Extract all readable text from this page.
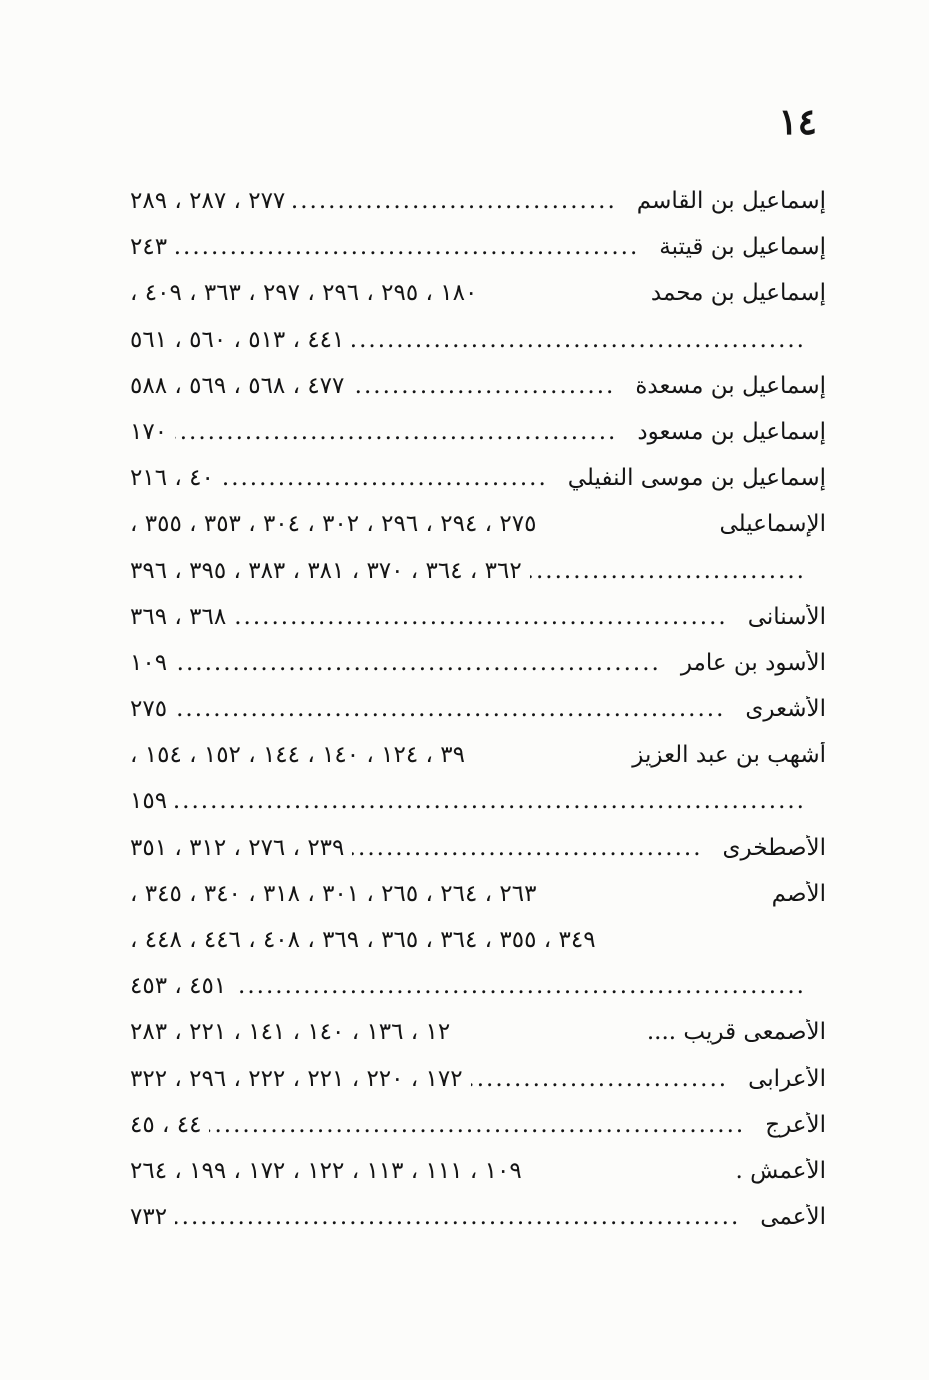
١٤
إسماعيل بن القاسم
.....
٢٧٧ ، ٢٨٧ ، ٢٨٩
إسماعيل بن قيتبة
.....
٢٤٣
إسماعيل بن محمد
١٨٠ ، ٢٩٥ ، ٢٩٦ ، ٢٩٧ ، ٣٦٣ ، ٤٠٩ ،
.....
٤٤١ ، ٥١٣ ، ٥٦٠ ، ٥٦١
إسماعيل بن مسعدة
.....
٤٧٧ ، ٥٦٨ ، ٥٦٩ ، ٥٨٨
إسماعيل بن مسعود
.....
١٧٠
إسماعيل بن موسى النفيلي
.....
٤٠ ، ٢١٦
الإسماعيلى
٢٧٥ ، ٢٩٤ ، ٢٩٦ ، ٣٠٢ ، ٣٠٤ ، ٣٥٣ ، ٣٥٥ ،
.....
٣٦٢ ، ٣٦٤ ، ٣٧٠ ، ٣٨١ ، ٣٨٣ ، ٣٩٥ ، ٣٩٦
الأسنانى
.....
٣٦٨ ، ٣٦٩
الأسود بن عامر
.....
١٠٩
الأشعرى
.....
٢٧٥
أشهب بن عبد العزيز
٣٩ ، ١٢٤ ، ١٤٠ ، ١٤٤ ، ١٥٢ ، ١٥٤ ،
.....
١٥٩
الأصطخرى
.....
٢٣٩ ، ٢٧٦ ، ٣١٢ ، ٣٥١
الأصم
٢٦٣ ، ٢٦٤ ، ٢٦٥ ، ٣٠١ ، ٣١٨ ، ٣٤٠ ، ٣٤٥ ،
٣٤٩ ، ٣٥٥ ، ٣٦٤ ، ٣٦٥ ، ٣٦٩ ، ٤٠٨ ، ٤٤٦ ، ٤٤٨ ،
.....
٤٥١ ، ٤٥٣
الأصمعى قريب ....
١٢ ، ١٣٦ ، ١٤٠ ، ١٤١ ، ٢٢١ ، ٢٨٣
الأعرابى
.....
١٧٢ ، ٢٢٠ ، ٢٢١ ، ٢٢٢ ، ٢٩٦ ، ٣٢٢
الأعرج
.....
٤٤ ، ٤٥
الأعمش .
١٠٩ ، ١١١ ، ١١٣ ، ١٢٢ ، ١٧٢ ، ١٩٩ ، ٢٦٤
الأعمى
.....
٧٣٢
